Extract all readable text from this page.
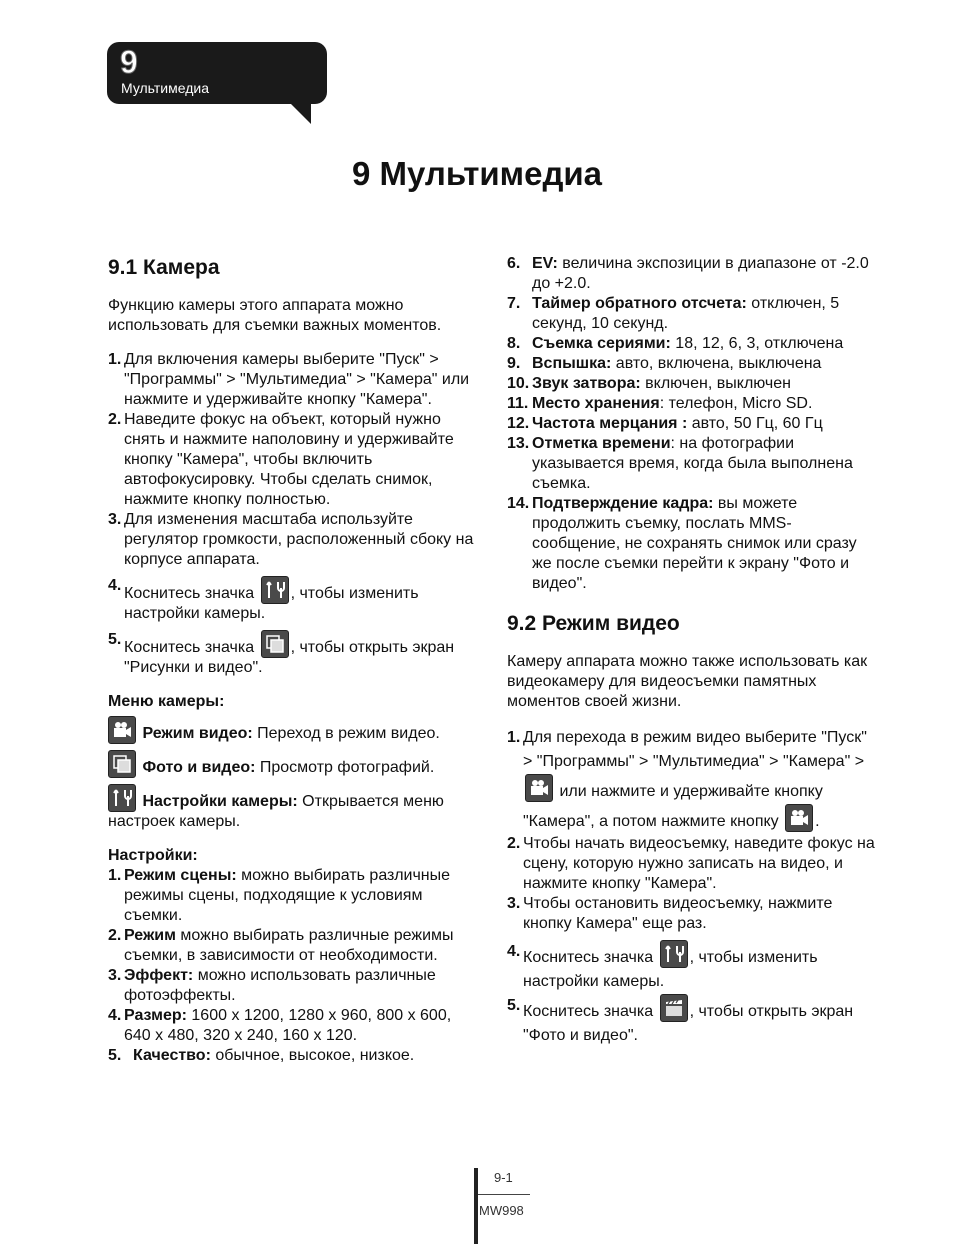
9
Мультимедиа
9 Мультимедиа
9.1 Камера

Функцию камеры этого аппарата можно использовать для съемки важных моментов.

1. Для включения камеры выберите "Пуск" > "Программы" > "Мультимедиа" > "Камера" или нажмите и удерживайте кнопку "Камера".
2. Наведите фокус на объект, который нужно снять и нажмите наполовину и удерживайте кнопку "Камера", чтобы включить автофокусировку. Чтобы сделать снимок, нажмите кнопку полностью.
3. Для изменения масштаба используйте регулятор громкости, расположенный сбоку на корпусе аппарата.
4. Коснитесь значка
, чтобы изменить настройки камеры.
5. Коснитесь значка
, чтобы открыть экран "Рисунки и видео".

Меню камеры:

Режим видео: Переход в режим видео.
Фото и видео: Просмотр фотографий.
Настройки камеры: Открывается меню настроек камеры.

Настройки:

1. Режим сцены: можно выбирать различные режимы сцены, подходящие к условиям съемки.
2. Режим можно выбирать различные режимы съемки, в зависимости от необходимости.
3. Эффект: можно использовать различные фотоэффекты.
4. Размер: 1600 x 1200, 1280 x 960, 800 x 600, 640 x 480, 320 x 240, 160 x 120.
5. Качество: обычное, высокое, низкое.
6. EV: величина экспозиции в диапазоне от -2.0 до +2.0.
7. Таймер обратного отсчета: отключен, 5 секунд, 10 секунд.
8. Съемка сериями: 18, 12, 6, 3, отключена
9. Вспышка: авто, включена, выключена
10. Звук затвора: включен, выключен
11. Место хранения: телефон, Micro SD.
12. Частота мерцания : авто, 50 Гц, 60 Гц
13. Отметка времени: на фотографии указывается время, когда была выполнена съемка.
14. Подтверждение кадра: вы можете продолжить съемку, послать MMS-сообщение, не сохранять снимок или сразу же после съемки перейти к экрану "Фото и видео".
9.2 Режим видео

Камеру аппарата можно также использовать как видеокамеру для видеосъемки памятных моментов своей жизни.

1. Для перехода в режим видео выберите "Пуск" > "Программы" > "Мультимедиа" > "Камера" >
или нажмите и удерживайте кнопку "Камера", а потом нажмите кнопку
.
2. Чтобы начать видеосъемку, наведите фокус на сцену, которую нужно записать на видео, и нажмите кнопку "Камера".
3. Чтобы остановить видеосъемку, нажмите кнопку Камера" еще раз.
4. Коснитесь значка
, чтобы изменить настройки камеры.
5. Коснитесь значка
, чтобы открыть экран "Фото и видео".
9-1
MW998
